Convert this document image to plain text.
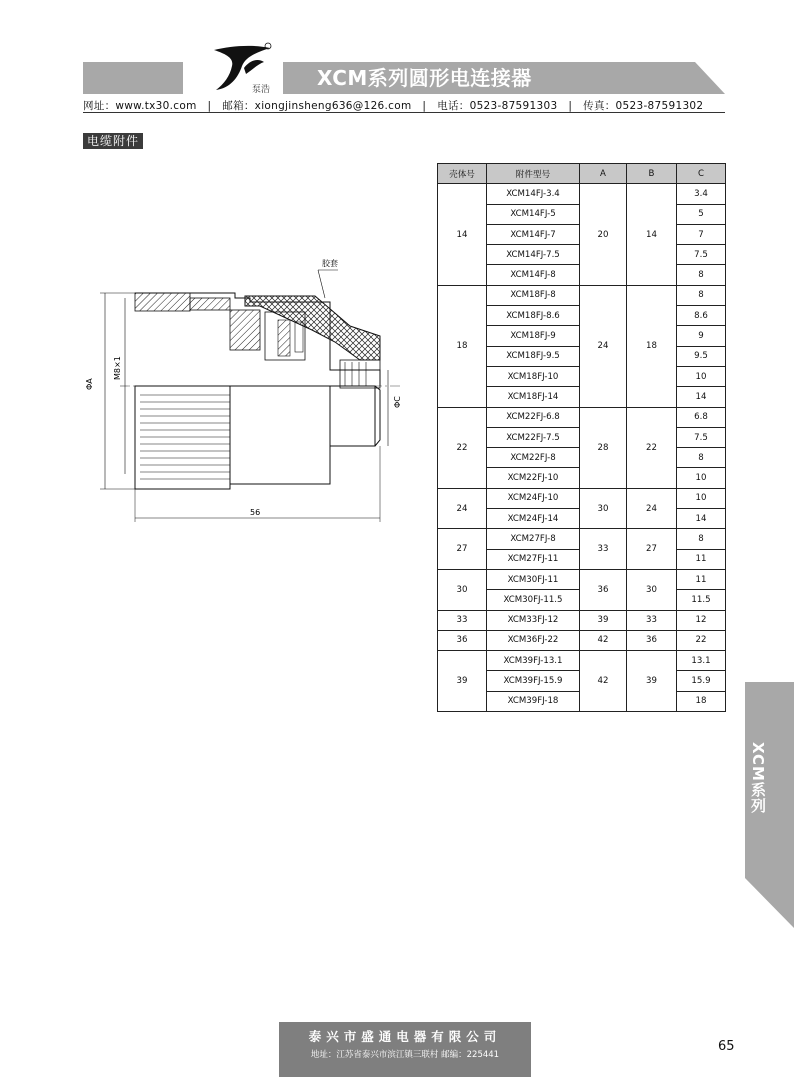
XCM系列圆形电连接器
泵浩
网址：www.tx30.com | 邮箱：xiongjinsheng636@126.com | 电话：0523-87591303 | 传真：0523-87591302
电缆附件
ΦA
M8×1
ΦC
56
胶套
壳体号	附件型号	A	B	C
14	XCM14FJ-3.4	20	14	3.4
	XCM14FJ-5			5
	XCM14FJ-7			7
	XCM14FJ-7.5			7.5
	XCM14FJ-8			8
18	XCM18FJ-8	24	18	8
	XCM18FJ-8.6			8.6
	XCM18FJ-9			9
	XCM18FJ-9.5			9.5
	XCM18FJ-10			10
	XCM18FJ-14			14
22	XCM22FJ-6.8	28	22	6.8
	XCM22FJ-7.5			7.5
	XCM22FJ-8			8
	XCM22FJ-10			10
24	XCM24FJ-10	30	24	10
	XCM24FJ-14			14
27	XCM27FJ-8	33	27	8
	XCM27FJ-11			11
30	XCM30FJ-11	36	30	11
	XCM30FJ-11.5			11.5
33	XCM33FJ-12	39	33	12
36	XCM36FJ-22	42	36	22
39	XCM39FJ-13.1	42	39	13.1
	XCM39FJ-15.9			15.9
	XCM39FJ-18			18
XCM系列
泰兴市盛通电器有限公司
地址：江苏省泰兴市滨江镇三联村 邮编：225441
65
